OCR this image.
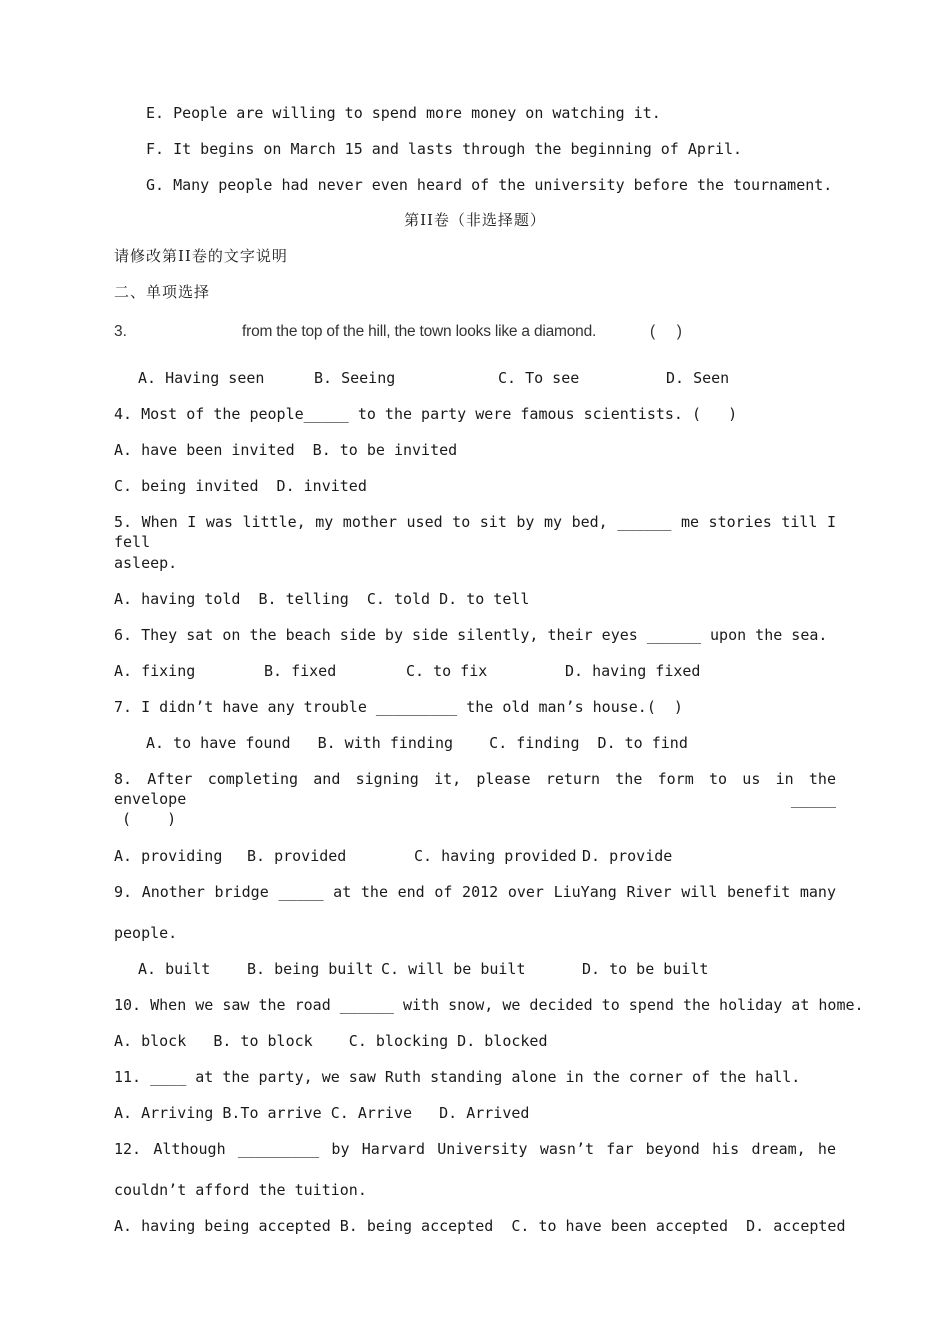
E. People are willing to spend more money on watching it.
F. It begins on March 15 and lasts through the beginning of April.
G. Many people had never even heard of the university before the tournament.
第II卷（非选择题）
请修改第II卷的文字说明
二、单项选择
3.	from the top of the hill, the town looks like a diamond.	(     )
A. Having seen	B. Seeing	C. To see	D. Seen
4. Most of the people_____ to the party were famous scientists. (   )
A. have been invited  B. to be invited
C. being invited  D. invited
5. When I was little, my mother used to sit by my bed, ______ me stories till I fell
asleep.
A. having told  B. telling  C. told D. to tell
6. They sat on the beach side by side silently, their eyes ______ upon the sea.
A. fixing	B. fixed	C. to fix	D. having fixed
7. I didn’t have any trouble _________ the old man’s house.(  )
A. to have found   B. with finding    C. finding  D. to find
8. After completing and signing it, please return the form to us in the envelope _____
(    )
A. providing B. provided	C. having provided D. provide
9. Another bridge _____ at the end of 2012 over LiuYang River will benefit many
people.
A. built B. being built C. will be built	D. to be built
10. When we saw the road ______ with snow, we decided to spend the holiday at home.
A. block   B. to block    C. blocking D. blocked
11. ____ at the party, we saw Ruth standing alone in the corner of the hall.
A. Arriving B.To arrive C. Arrive   D. Arrived
12. Although _________ by Harvard University wasn’t far beyond his dream, he
couldn’t afford the tuition.
A. having being accepted B. being accepted  C. to have been accepted  D. accepted
